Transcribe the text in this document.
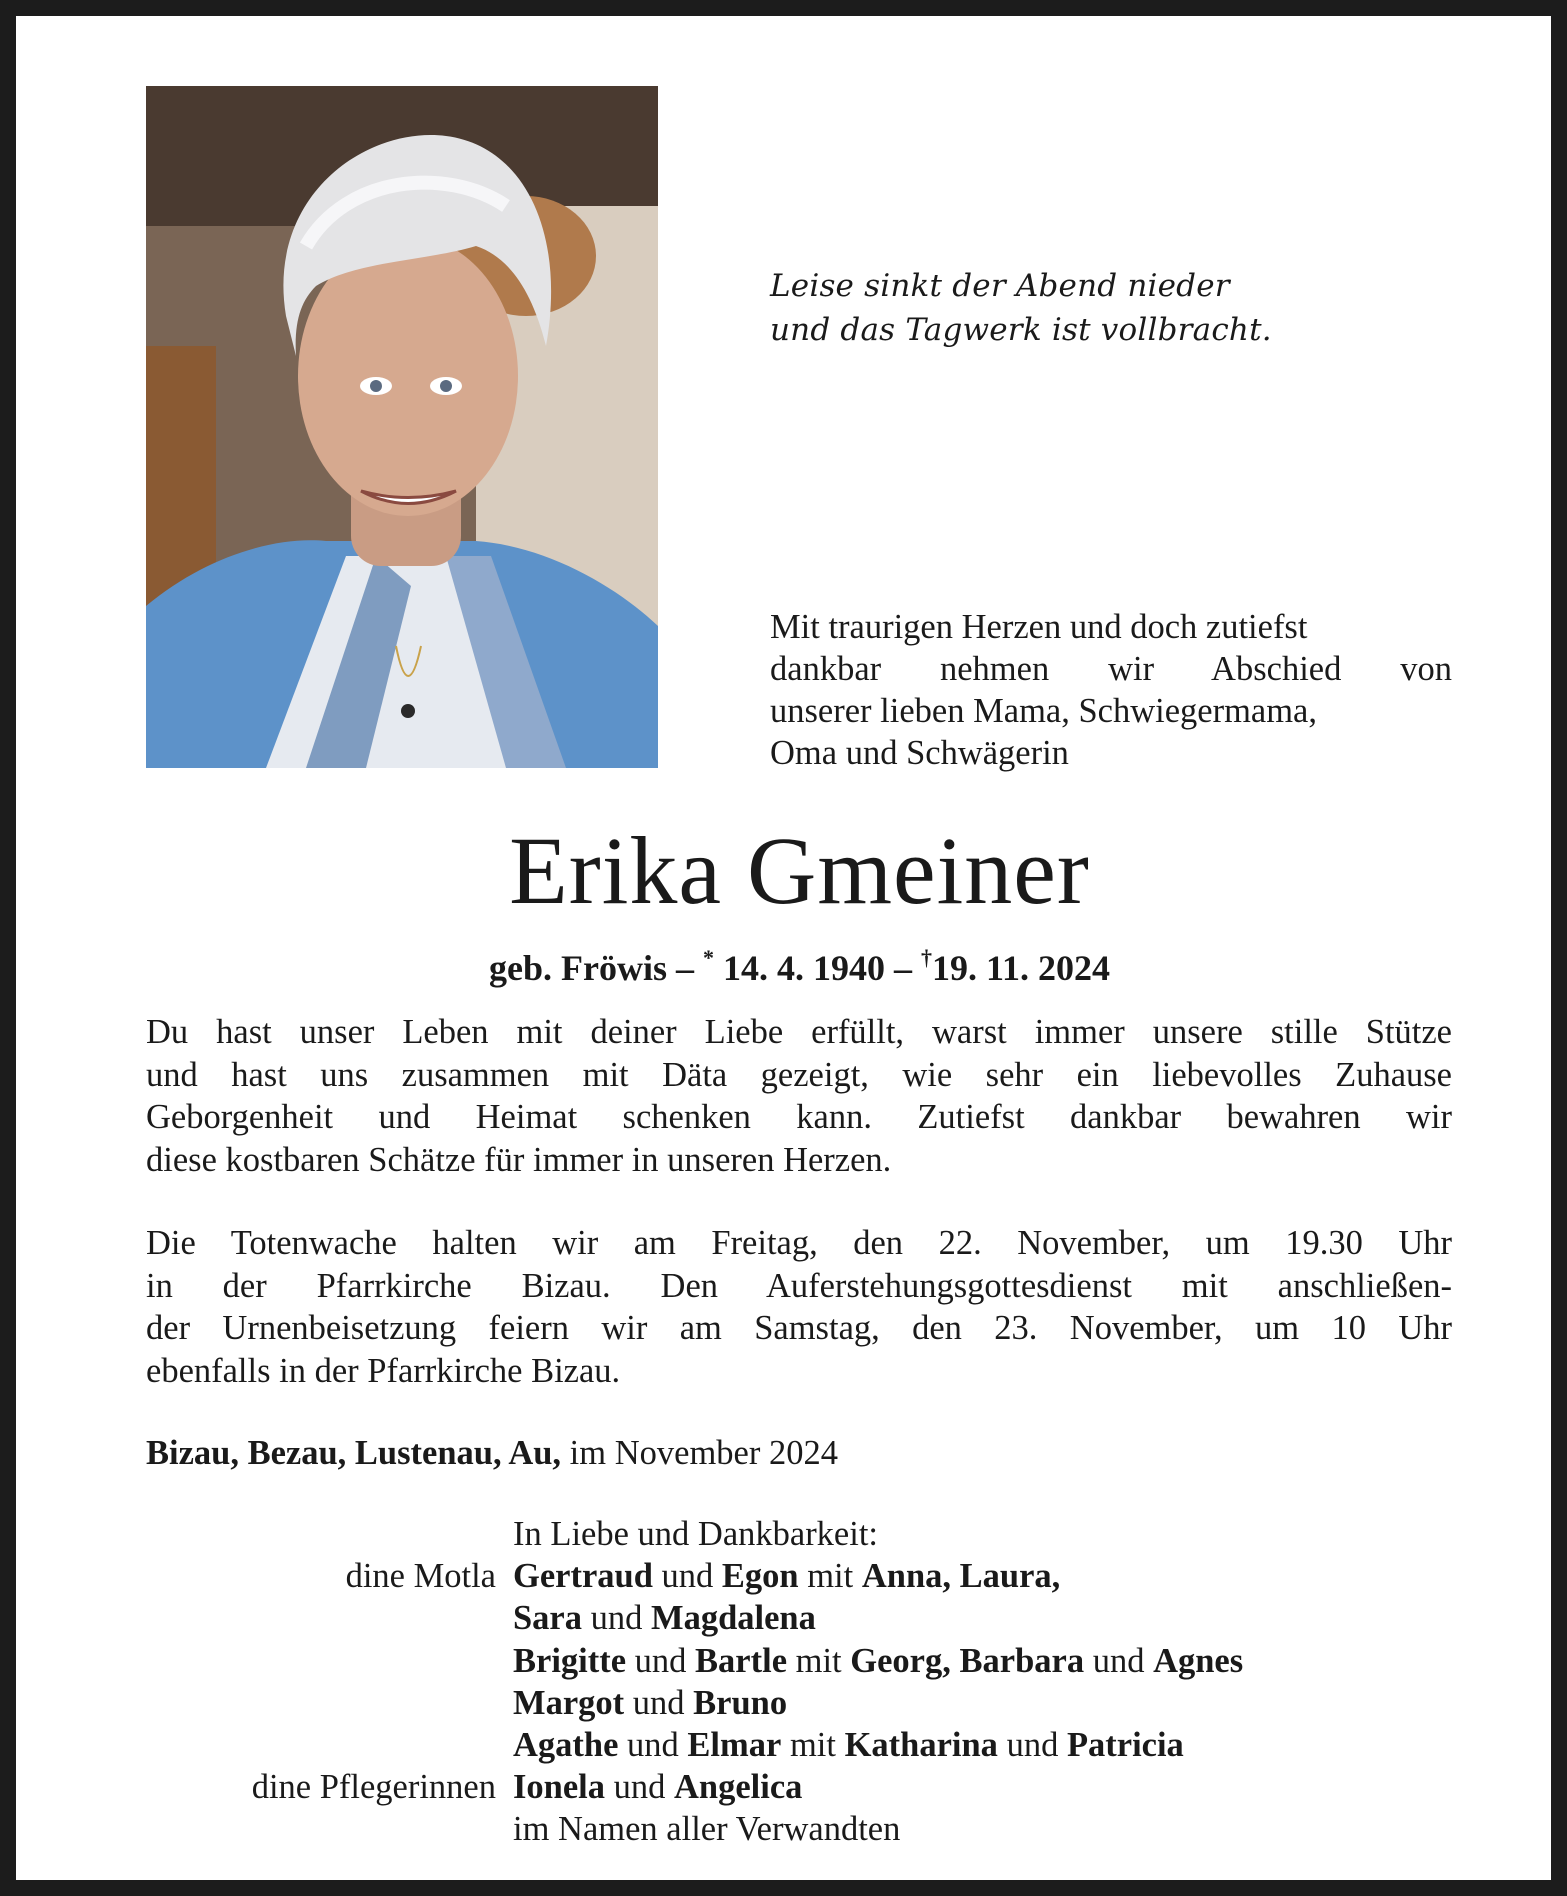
Leise sinkt der Abend nieder
und das Tagwerk ist vollbracht.
Mit traurigen Herzen und doch zutiefst
dankbar nehmen wir Abschied von
unserer lieben Mama, Schwiegermama,
Oma und Schwägerin
Erika Gmeiner
geb. Fröwis – * 14. 4. 1940 – †19. 11. 2024
Du hast unser Leben mit deiner Liebe erfüllt, warst immer unsere stille Stütze
und hast uns zusammen mit Däta gezeigt, wie sehr ein liebevolles Zuhause
Geborgenheit und Heimat schenken kann. Zutiefst dankbar bewahren wir
diese kostbaren Schätze für immer in unseren Herzen.
Die Totenwache halten wir am Freitag, den 22. November, um 19.30 Uhr
in der Pfarrkirche Bizau. Den Auferstehungsgottesdienst mit anschließen-
der Urnenbeisetzung feiern wir am Samstag, den 23. November, um 10 Uhr
ebenfalls in der Pfarrkirche Bizau.
Bizau, Bezau, Lustenau, Au, im November 2024
In Liebe und Dankbarkeit:
dine Motla Gertraud und Egon mit Anna, Laura,
Sara und Magdalena
Brigitte und Bartle mit Georg, Barbara und Agnes
Margot und Bruno
Agathe und Elmar mit Katharina und Patricia
dine Pflegerinnen Ionela und Angelica
im Namen aller Verwandten
